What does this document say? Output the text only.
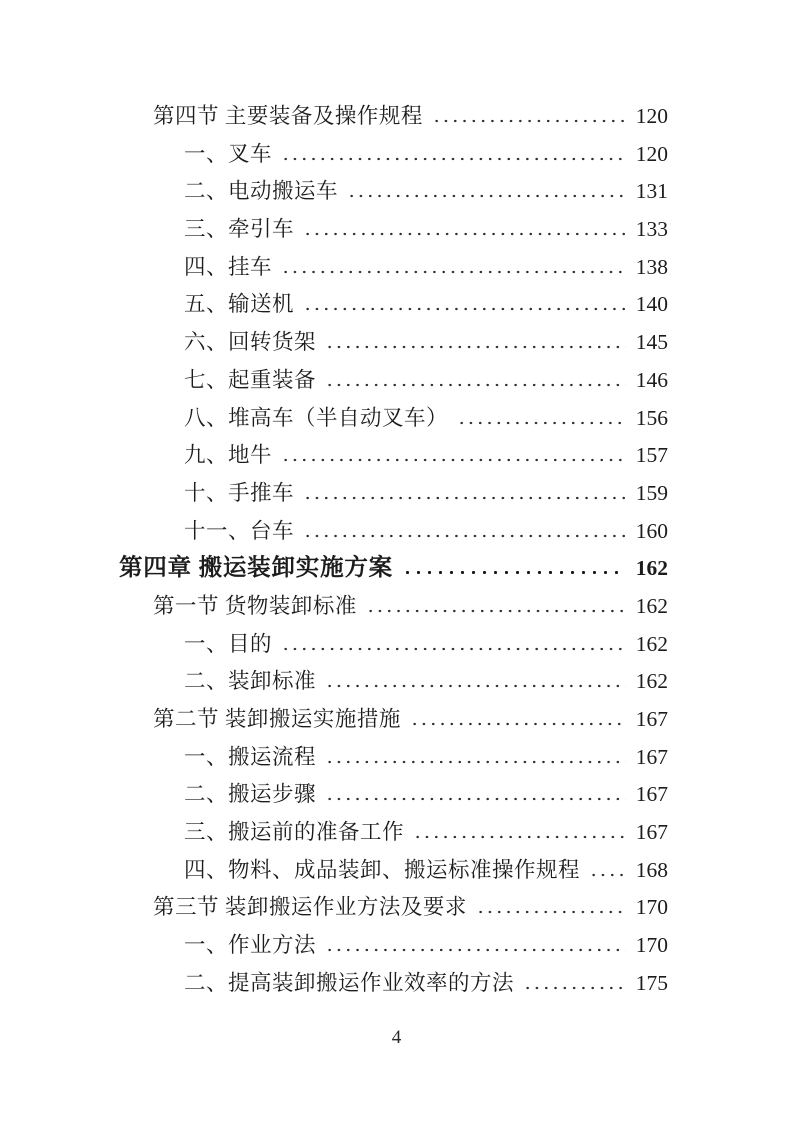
第四节 主要装备及操作规程	120
一、叉车	120
二、电动搬运车	131
三、牵引车	133
四、挂车	138
五、输送机	140
六、回转货架	145
七、起重装备	146
八、堆高车（半自动叉车）	156
九、地牛	157
十、手推车	159
十一、台车	160
第四章 搬运装卸实施方案	162
第一节 货物装卸标准	162
一、目的	162
二、装卸标准	162
第二节 装卸搬运实施措施	167
一、搬运流程	167
二、搬运步骤	167
三、搬运前的准备工作	167
四、物料、成品装卸、搬运标准操作规程	168
第三节 装卸搬运作业方法及要求	170
一、作业方法	170
二、提高装卸搬运作业效率的方法	175
4
